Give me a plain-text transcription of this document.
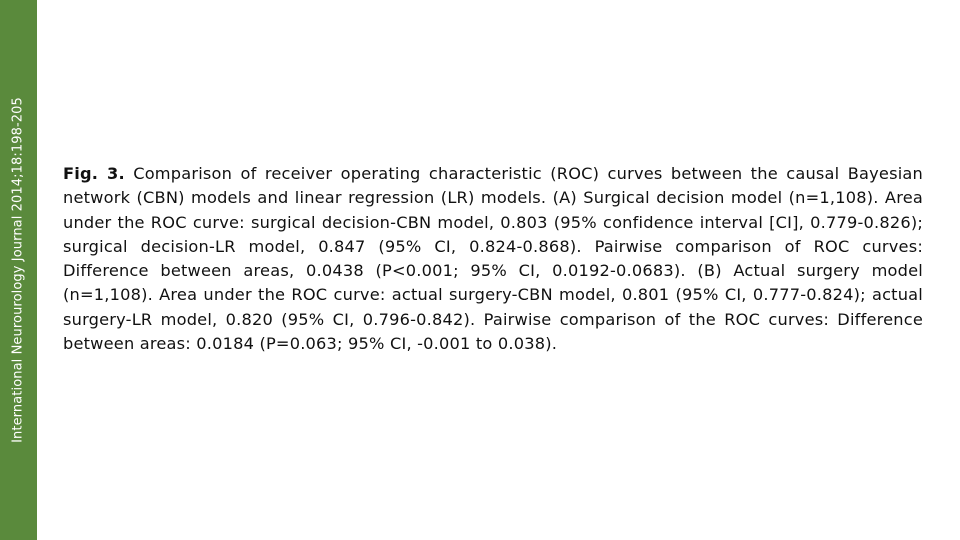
International Neurourology Journal 2014;18:198-205 Fig. 3. Comparison of receiver operating characteristic (ROC) curves between the causal Bayesian network (CBN) models and linear regression (LR) models. (A) Surgical decision model (n=1,108). Area under the ROC curve: surgical decision-CBN model, 0.803 (95% confidence interval [CI], 0.779-0.826); surgical decision-LR model, 0.847 (95% CI, 0.824-0.868). Pairwise comparison of ROC curves: Difference between areas, 0.0438 (P<0.001; 95% CI, 0.0192-0.0683). (B) Actual surgery model (n=1,108). Area under the ROC curve: actual surgery-CBN model, 0.801 (95% CI, 0.777-0.824); actual surgery-LR model, 0.820 (95% CI, 0.796-0.842). Pairwise comparison of the ROC curves: Difference between areas: 0.0184 (P=0.063; 95% CI, -0.001 to 0.038).
